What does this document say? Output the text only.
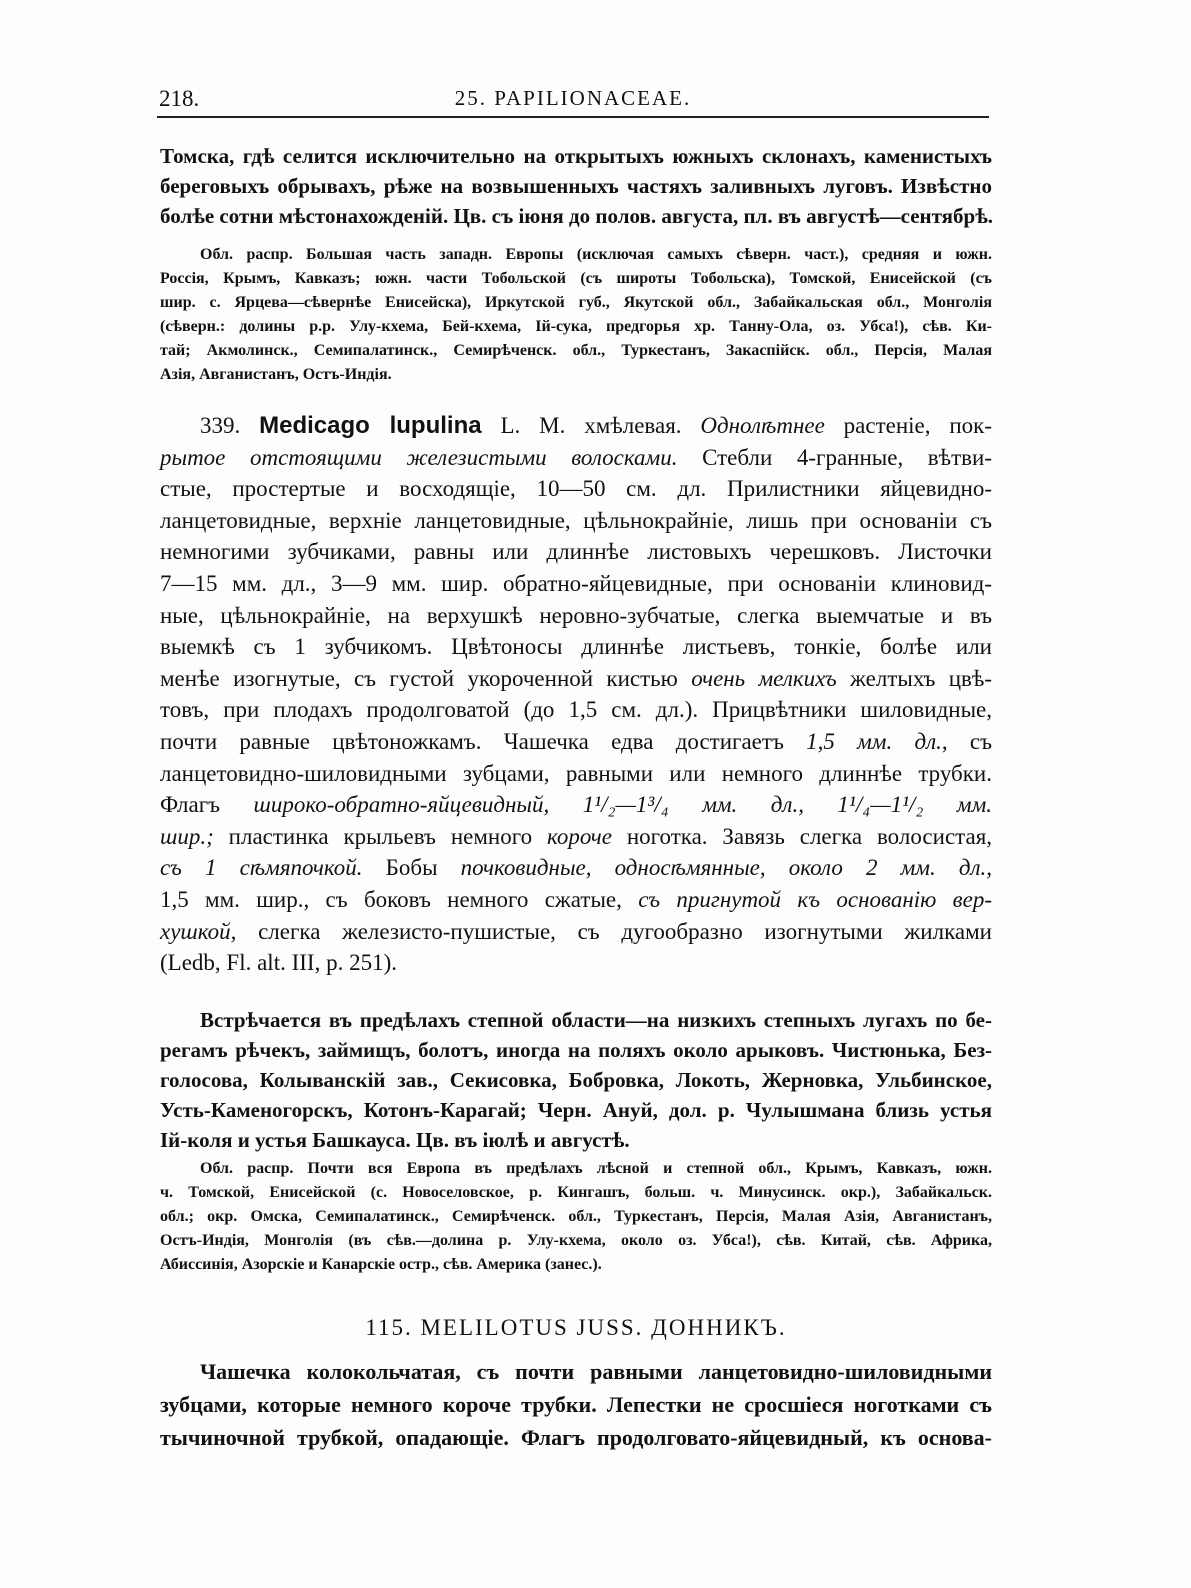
218.	25. PAPILIONACEAE.
Томска, гдѣ селится исключительно на открытыхъ южныхъ склонахъ, каменистыхъ
береговыхъ обрывахъ, рѣже на возвышенныхъ частяхъ заливныхъ луговъ. Извѣстно
болѣе сотни мѣстонахожденій. Цв. съ іюня до полов. августа, пл. въ августѣ—сентябрѣ.
Обл. распр. Большая часть западн. Европы (исключая самыхъ сѣверн. част.), средняя и южн.
Россія, Крымъ, Кавказъ; южн. части Тобольской (съ широты Тобольска), Томской, Енисейской (съ
шир. с. Ярцева—сѣвернѣе Енисейска), Иркутской губ., Якутской обл., Забайкальская обл., Монголія
(сѣверн.: долины р.р. Улу-кхема, Бей-кхема, Ій-сука, предгорья хр. Танну-Ола, оз. Убса!), сѣв. Ки-
тай; Акмолинск., Семипалатинск., Семирѣченск. обл., Туркестанъ, Закаспійск. обл., Персія, Малая
Азія, Авганистанъ, Остъ-Индія.
339. Medicago lupulina L. M. хмѣлевая. Однолѣтнее растеніе, пок-
рытое отстоящими железистыми волосками. Стебли 4-гранные, вѣтви-
стые, простертые и восходящіе, 10—50 см. дл. Прилистники яйцевидно-
ланцетовидные, верхніе ланцетовидные, цѣльнокрайніе, лишь при основаніи съ
немногими зубчиками, равны или длиннѣе листовыхъ черешковъ. Листочки
7—15 мм. дл., 3—9 мм. шир. обратно-яйцевидные, при основаніи клиновид-
ные, цѣльнокрайніе, на верхушкѣ неровно-зубчатые, слегка выемчатые и въ
выемкѣ съ 1 зубчикомъ. Цвѣтоносы длиннѣе листьевъ, тонкіе, болѣе или
менѣе изогнутые, съ густой укороченной кистью очень мелкихъ желтыхъ цвѣ-
товъ, при плодахъ продолговатой (до 1,5 см. дл.). Прицвѣтники шиловидные,
почти равные цвѣтоножкамъ. Чашечка едва достигаетъ 1,5 мм. дл., съ
ланцетовидно-шиловидными зубцами, равными или немного длиннѣе трубки.
Флагъ широко-обратно-яйцевидный, 1¹/₂—1³/₄ мм. дл., 1¹/₄—1¹/₂ мм.
шир.; пластинка крыльевъ немного короче ноготка. Завязь слегка волосистая,
съ 1 сѣмяпочкой. Бобы почковидные, односѣмянные, около 2 мм. дл.,
1,5 мм. шир., съ боковъ немного сжатые, съ пригнутой къ основанію вер-
хушкой, слегка железисто-пушистые, съ дугообразно изогнутыми жилками
(Ledb, Fl. alt. III, p. 251).
Встрѣчается въ предѣлахъ степной области—на низкихъ степныхъ лугахъ по бе-
регамъ рѣчекъ, займищъ, болотъ, иногда на поляхъ около арыковъ. Чистюнька, Без-
голосова, Колыванскій зав., Секисовка, Бобровка, Локоть, Жерновка, Ульбинское,
Усть-Каменогорскъ, Котонъ-Карагай; Черн. Ануй, дол. р. Чулышмана близь устья
Ій-коля и устья Башкауса. Цв. въ іюлѣ и августѣ.
Обл. распр. Почти вся Европа въ предѣлахъ лѣсной и степной обл., Крымъ, Кавказъ, южн.
ч. Томской, Енисейской (с. Новоселовское, р. Кингашъ, больш. ч. Минусинск. окр.), Забайкальск.
обл.; окр. Омска, Семипалатинск., Семирѣченск. обл., Туркестанъ, Персія, Малая Азія, Авганистанъ,
Остъ-Индія, Монголія (въ сѣв.—долина р. Улу-кхема, около оз. Убса!), сѣв. Китай, сѣв. Африка,
Абиссинія, Азорскіе и Канарскіе остр., сѣв. Америка (занес.).
115. MELILOTUS JUSS. ДОННИКЪ.
Чашечка колокольчатая, съ почти равными ланцетовидно-шиловидными
зубцами, которые немного короче трубки. Лепестки не сросшіеся ноготками съ
тычиночной трубкой, опадающіе. Флагъ продолговато-яйцевидный, къ основа-
